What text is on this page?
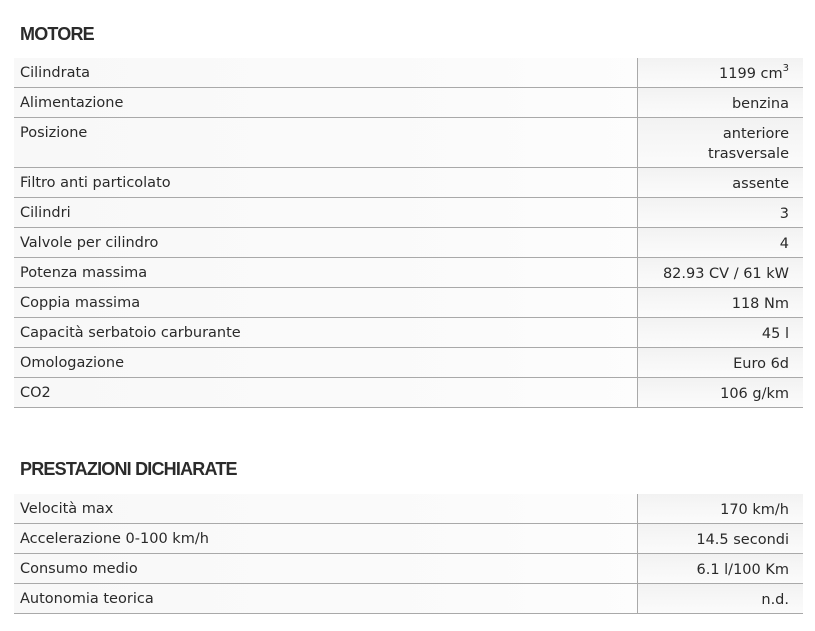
MOTORE
Cilindrata	1199 $cm^3$
Alimentazione	benzina
Posizione	anteriore
trasversale
Filtro anti particolato	assente
Cilindri	3
Valvole per cilindro	4
Potenza massima	82.93 CV / 61 kW
Coppia massima	118 Nm
Capacità serbatoio carburante	45 l
Omologazione	Euro 6d
CO2	106 g/km
PRESTAZIONI DICHIARATE
Velocità max	170 km/h
Accelerazione 0-100 km/h	14.5 secondi
Consumo medio	6.1 l/100 Km
Autonomia teorica	n.d.
